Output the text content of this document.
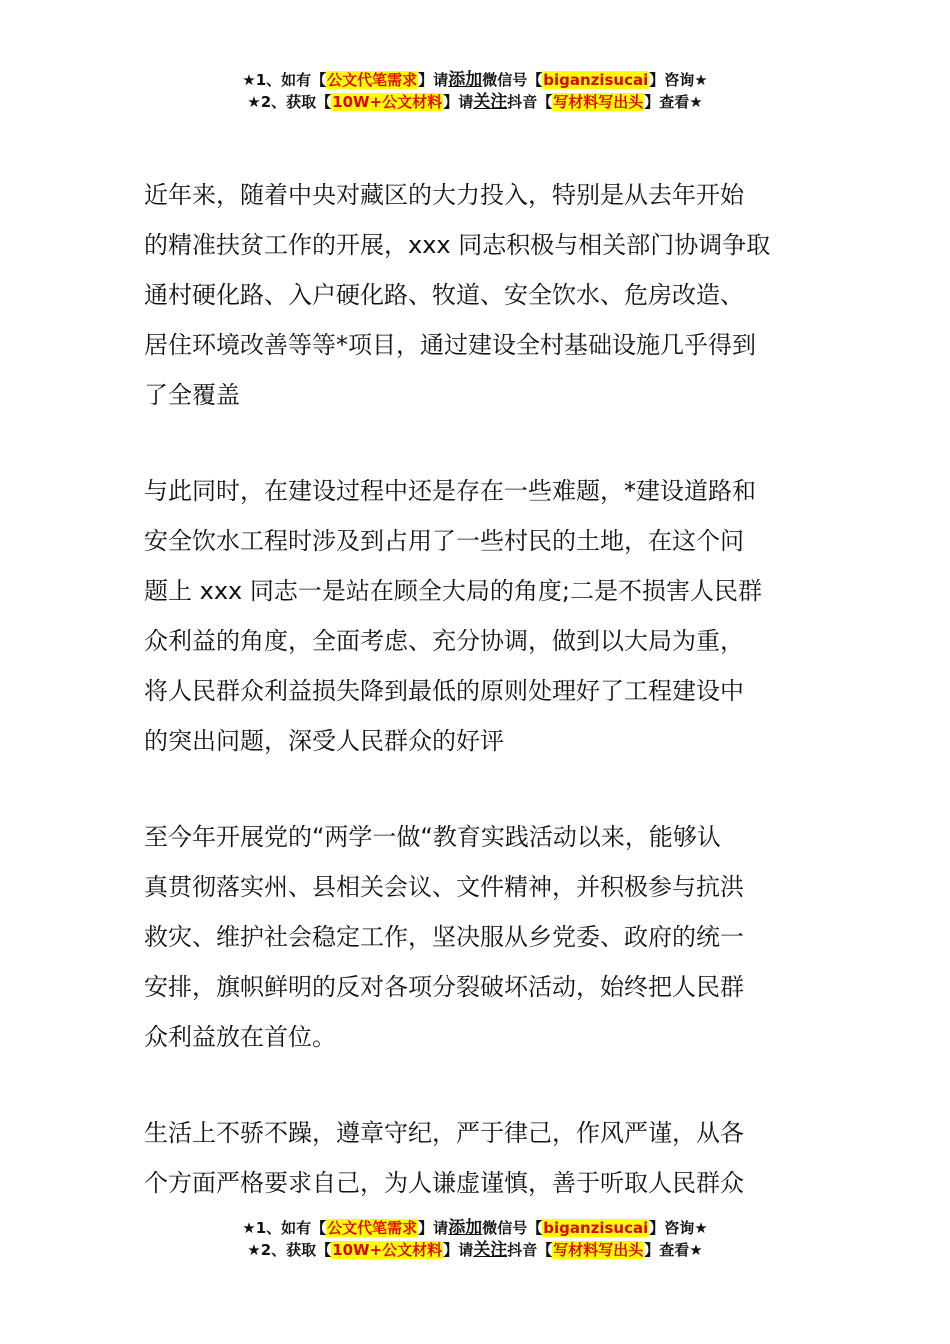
★1、如有【公文代笔需求】请添加微信号【biganzisucai】咨询★
★2、获取【10W+公文材料】请关注抖音【写材料写出头】查看★
近年来，随着中央对藏区的大力投入，特别是从去年开始
的精准扶贫工作的开展，xxx 同志积极与相关部门协调争取
通村硬化路、入户硬化路、牧道、安全饮水、危房改造、
居住环境改善等等*项目，通过建设全村基础设施几乎得到
了全覆盖
与此同时，在建设过程中还是存在一些难题，*建设道路和
安全饮水工程时涉及到占用了一些村民的土地，在这个问
题上 xxx 同志一是站在顾全大局的角度;二是不损害人民群
众利益的角度，全面考虑、充分协调，做到以大局为重，
将人民群众利益损失降到最低的原则处理好了工程建设中
的突出问题，深受人民群众的好评
至今年开展党的“两学一做“教育实践活动以来，能够认
真贯彻落实州、县相关会议、文件精神，并积极参与抗洪
救灾、维护社会稳定工作，坚决服从乡党委、政府的统一
安排，旗帜鲜明的反对各项分裂破坏活动，始终把人民群
众利益放在首位。
生活上不骄不躁，遵章守纪，严于律己，作风严谨，从各
个方面严格要求自己，为人谦虚谨慎，善于听取人民群众
★1、如有【公文代笔需求】请添加微信号【biganzisucai】咨询★
★2、获取【10W+公文材料】请关注抖音【写材料写出头】查看★
